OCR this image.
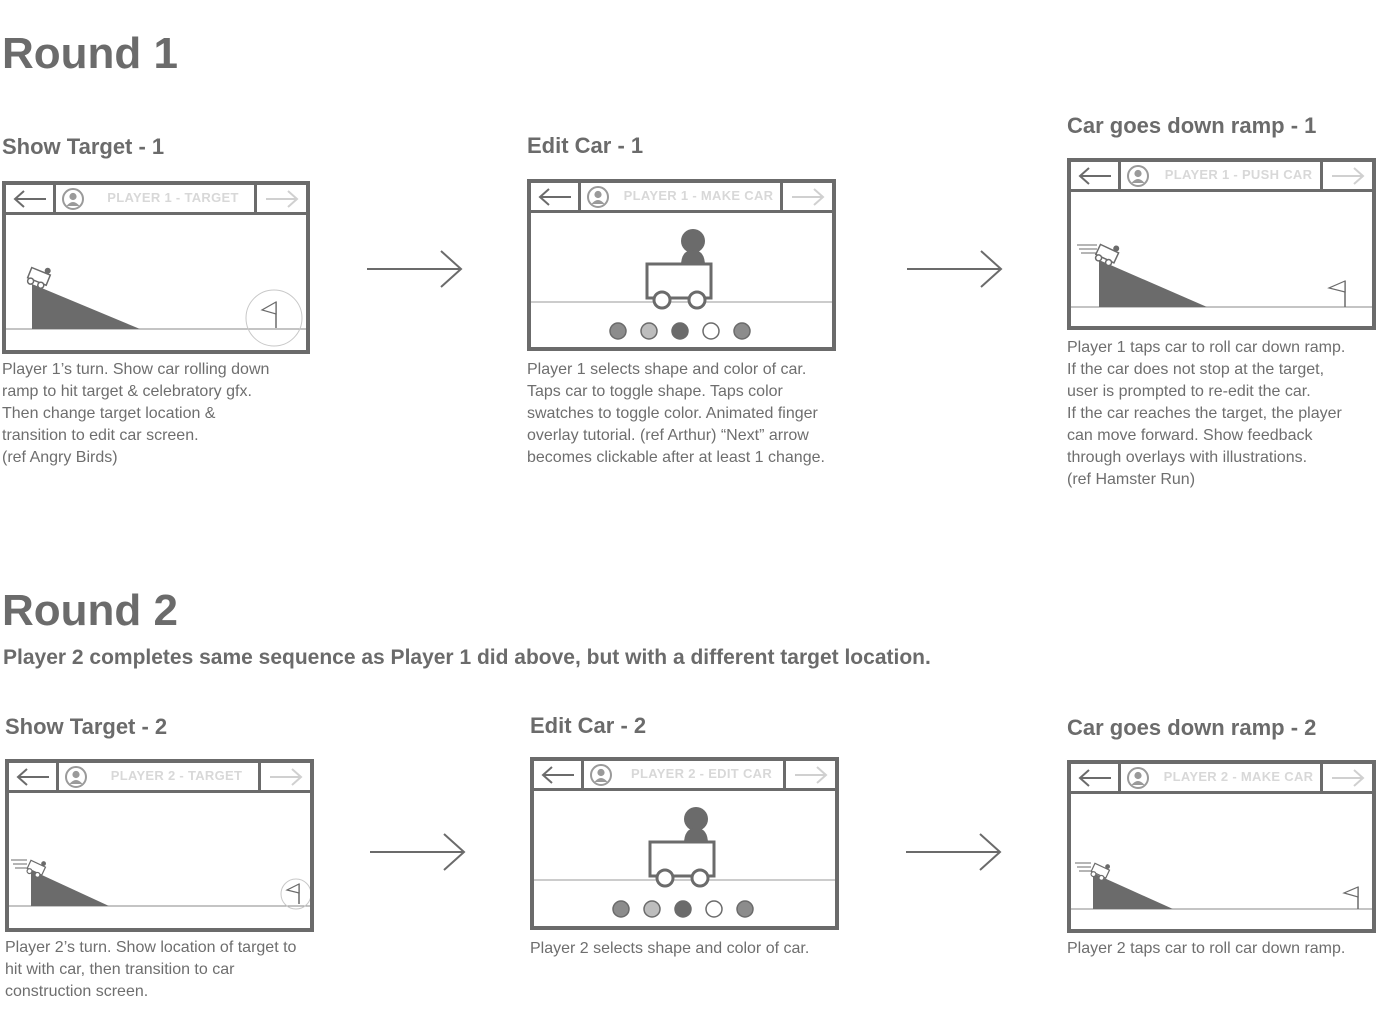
Round 1
Show Target - 1
PLAYER 1 - TARGET
Player 1’s turn. Show car rolling down
ramp to hit target & celebratory gfx.
Then change target location &
transition to edit car screen.
(ref Angry Birds)
Edit Car - 1
PLAYER 1 - MAKE CAR
Player 1 selects shape and color of car.
Taps car to toggle shape. Taps color
swatches to toggle color. Animated finger
overlay tutorial. (ref Arthur) “Next” arrow
becomes clickable after at least 1 change.
Car goes down ramp - 1
PLAYER 1 - PUSH CAR
Player 1 taps car to roll car down ramp.
If the car does not stop at the target,
user is prompted to re-edit the car.
If the car reaches the target, the player
can move forward. Show feedback
through overlays with illustrations.
(ref Hamster Run)
Round 2
Player 2 completes same sequence as Player 1 did above, but with a different target location.
Show Target - 2
PLAYER 2 - TARGET
Player 2’s turn. Show location of target to
hit with car, then transition to car
construction screen.
Edit Car - 2
PLAYER 2 - EDIT CAR
Player 2 selects shape and color of car.
Car goes down ramp - 2
PLAYER 2 - MAKE CAR
Player 2 taps car to roll car down ramp.
